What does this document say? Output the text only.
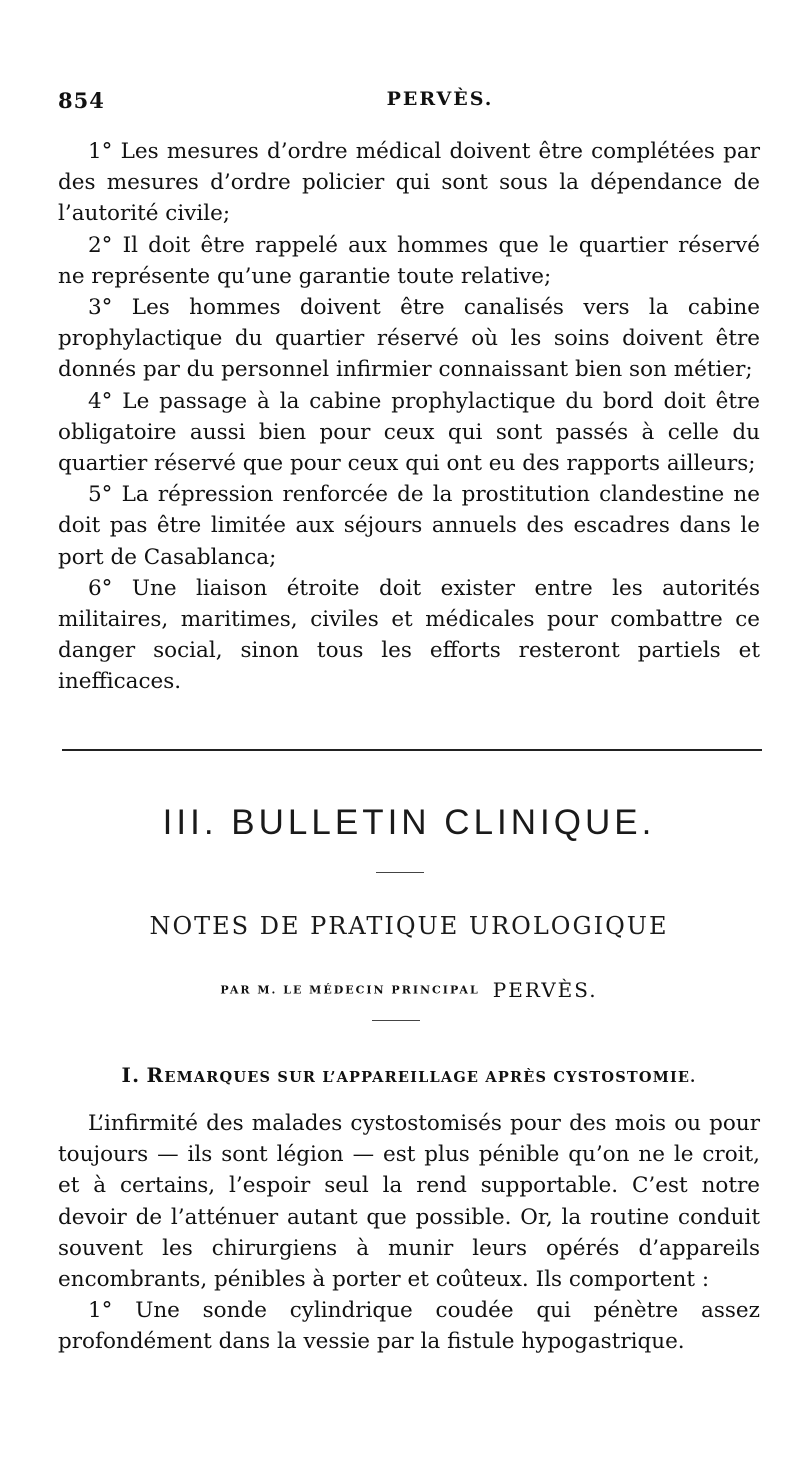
854	PERVÈS.

1° Les mesures d’ordre médical doivent être complétées par des mesures d’ordre policier qui sont sous la dépendance de l’autorité civile;

2° Il doit être rappelé aux hommes que le quartier réservé ne représente qu’une garantie toute relative;

3° Les hommes doivent être canalisés vers la cabine prophylactique du quartier réservé où les soins doivent être donnés par du personnel infirmier connaissant bien son métier;

4° Le passage à la cabine prophylactique du bord doit être obligatoire aussi bien pour ceux qui sont passés à celle du quartier réservé que pour ceux qui ont eu des rapports ailleurs;

5° La répression renforcée de la prostitution clandestine ne doit pas être limitée aux séjours annuels des escadres dans le port de Casablanca;

6° Une liaison étroite doit exister entre les autorités militaires, maritimes, civiles et médicales pour combattre ce danger social, sinon tous les efforts resteront partiels et inefficaces.

III. BULLETIN CLINIQUE.
NOTES DE PRATIQUE UROLOGIQUE
PAR M. LE MÉDECIN PRINCIPAL PERVÈS.
I. REMARQUES SUR L’APPAREILLAGE APRÈS CYSTOSTOMIE.

L’infirmité des malades cystostomisés pour des mois ou pour toujours — ils sont légion — est plus pénible qu’on ne le croit, et à certains, l’espoir seul la rend supportable. C’est notre devoir de l’atténuer autant que possible. Or, la routine conduit souvent les chirurgiens à munir leurs opérés d’appareils encombrants, pénibles à porter et coûteux. Ils comportent :

1° Une sonde cylindrique coudée qui pénètre assez profondément dans la vessie par la fistule hypogastrique.
